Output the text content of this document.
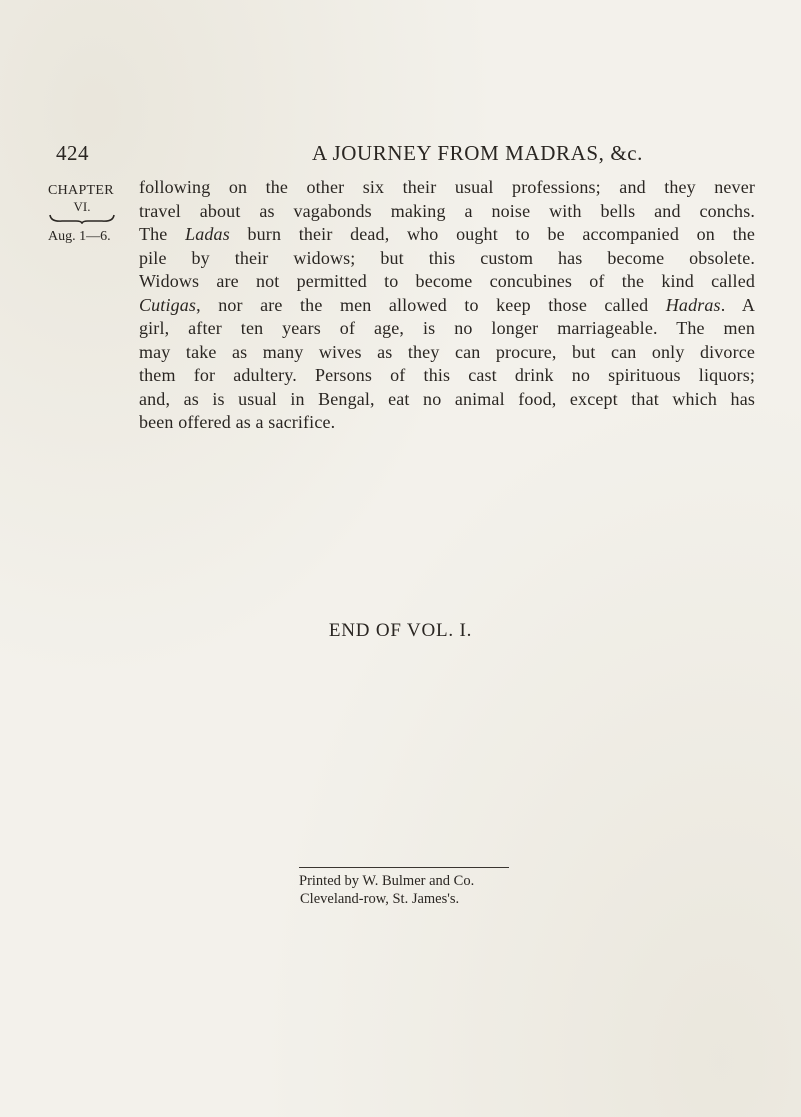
424	A JOURNEY FROM MADRAS, &c.
CHAPTER
VI.
Aug. 1—6.

following on the other six their usual professions; and they never
travel about as vagabonds making a noise with bells and conchs.
The Ladas burn their dead, who ought to be accompanied on the
pile by their widows; but this custom has become obsolete.
Widows are not permitted to become concubines of the kind called
Cutigas, nor are the men allowed to keep those called Hadras. A
girl, after ten years of age, is no longer marriageable. The men
may take as many wives as they can procure, but can only divorce
them for adultery. Persons of this cast drink no spirituous liquors;
and, as is usual in Bengal, eat no animal food, except that which has
been offered as a sacrifice.

END OF VOL. I.
Printed by W. Bulmer and Co.
Cleveland-row, St. James's.
